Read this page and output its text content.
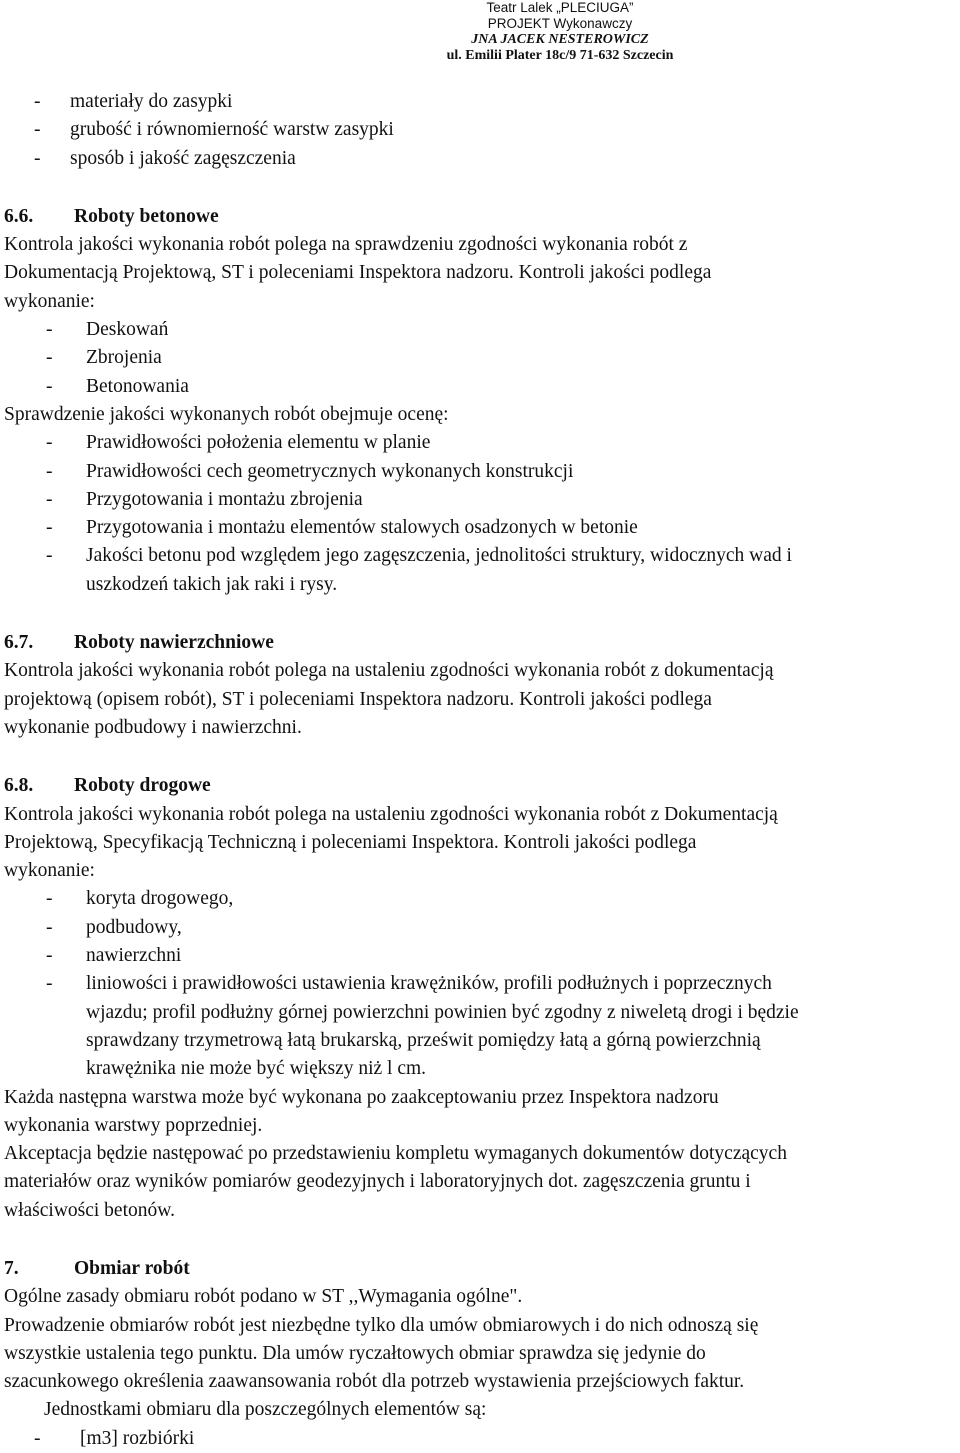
Teatr Lalek „PLECIUGA”
PROJEKT Wykonawczy
JNA JACEK NESTEROWICZ
ul. Emilii Plater 18c/9 71-632 Szczecin
- materiały do zasypki
- grubość i równomierność warstw zasypki
- sposób i jakość zagęszczenia
6.6. Roboty betonowe
Kontrola jakości wykonania robót polega na sprawdzeniu zgodności wykonania robót z
Dokumentacją Projektową, ST i poleceniami Inspektora nadzoru. Kontroli jakości podlega
wykonanie:
- Deskowań
- Zbrojenia
- Betonowania
Sprawdzenie jakości wykonanych robót obejmuje ocenę:
- Prawidłowości położenia elementu w planie
- Prawidłowości cech geometrycznych wykonanych konstrukcji
- Przygotowania i montażu zbrojenia
- Przygotowania i montażu elementów stalowych osadzonych w betonie
- Jakości betonu pod względem jego zagęszczenia, jednolitości struktury, widocznych wad i
uszkodzeń takich jak raki i rysy.
6.7. Roboty nawierzchniowe
Kontrola jakości wykonania robót polega na ustaleniu zgodności wykonania robót z dokumentacją
projektową (opisem robót), ST i poleceniami Inspektora nadzoru. Kontroli jakości podlega
wykonanie podbudowy i nawierzchni.
6.8. Roboty drogowe
Kontrola jakości wykonania robót polega na ustaleniu zgodności wykonania robót z Dokumentacją
Projektową, Specyfikacją Techniczną i poleceniami Inspektora. Kontroli jakości podlega
wykonanie:
- koryta drogowego,
- podbudowy,
- nawierzchni
- liniowości i prawidłowości ustawienia krawężników, profili podłużnych i poprzecznych
wjazdu; profil podłużny górnej powierzchni powinien być zgodny z niweletą drogi i będzie
sprawdzany trzymetrową łatą brukarską, prześwit pomiędzy łatą a górną powierzchnią
krawężnika nie może być większy niż l cm.
Każda następna warstwa może być wykonana po zaakceptowaniu przez Inspektora nadzoru
wykonania warstwy poprzedniej.
Akceptacja będzie następować po przedstawieniu kompletu wymaganych dokumentów dotyczących
materiałów oraz wyników pomiarów geodezyjnych i laboratoryjnych dot. zagęszczenia gruntu i
właściwości betonów.
7.	Obmiar robót
Ogólne zasady obmiaru robót podano w ST ,,Wymagania ogólne".
Prowadzenie obmiarów robót jest niezbędne tylko dla umów obmiarowych i do nich odnoszą się
wszystkie ustalenia tego punktu. Dla umów ryczałtowych obmiar sprawdza się jedynie do
szacunkowego określenia zaawansowania robót dla potrzeb wystawienia przejściowych faktur.
Jednostkami obmiaru dla poszczególnych elementów są:
- [m3] rozbiórki
